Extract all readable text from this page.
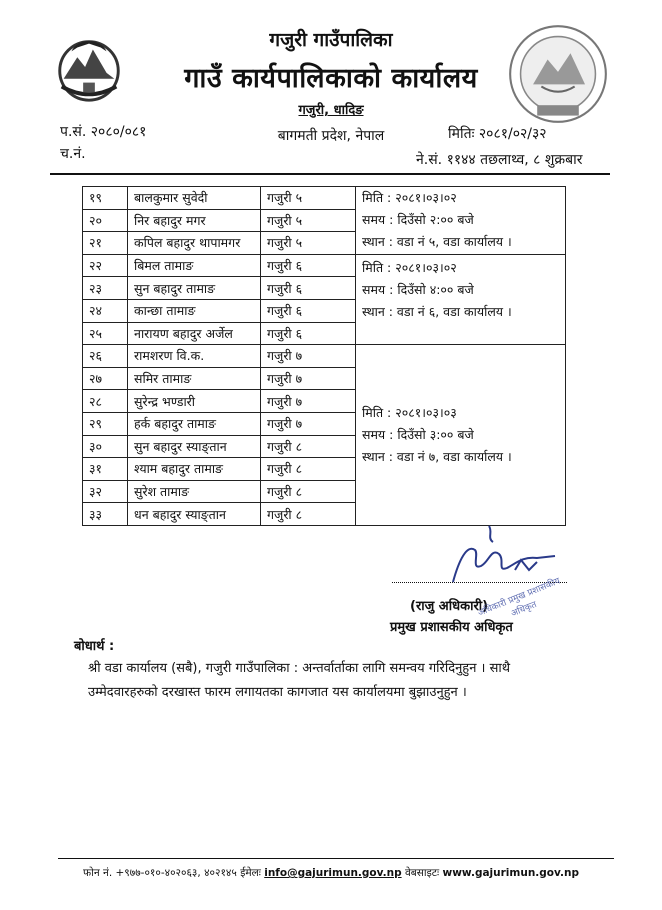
गजुरी गाउँपालिका
गाउँ कार्यपालिकाको कार्यालय
गजुरी, धादिङ
बागमती प्रदेश, नेपाल
प.सं. २०८०/०८१
च.नं.
मितिः २०८१/०२/३२
ने.सं. ११४४ तछलाथ्व, ८ शुक्रबार
१९	बालकुमार सुवेदी	गजुरी ५	मिति : २०८१।०३।०२
समय : दिउँसो २:०० बजे
स्थान : वडा नं ५, वडा कार्यालय ।

२०	निर बहादुर मगर	गजुरी ५	
२१	कपिल बहादुर थापामगर	गजुरी ५	
२२	बिमल तामाङ	गजुरी ६	मिति : २०८१।०३।०२
समय : दिउँसो ४:०० बजे
स्थान : वडा नं ६, वडा कार्यालय ।

२३	सुन बहादुर तामाङ	गजुरी ६	
२४	कान्छा तामाङ	गजुरी ६	
२५	नारायण बहादुर अर्जेल	गजुरी ६	
२६	रामशरण वि.क.	गजुरी ७	मिति : २०८१।०३।०३
समय : दिउँसो ३:०० बजे
स्थान : वडा नं ७, वडा कार्यालय ।

२७	समिर तामाङ	गजुरी ७	
२८	सुरेन्द्र भण्डारी	गजुरी ७	
२९	हर्क बहादुर तामाङ	गजुरी ७	
३०	सुन बहादुर स्याङ्तान	गजुरी ८	
३१	श्याम बहादुर तामाङ	गजुरी ८	
३२	सुरेश तामाङ	गजुरी ८	
३३	धन बहादुर स्याङ्तान	गजुरी ८	
(राजु अधिकारी)
प्रमुख प्रशासकीय अधिकृत
अधिकारी प्रमुख प्रशासकीय अधिकृत
बोधार्थ :
श्री वडा कार्यालय (सबै), गजुरी गाउँपालिका : अन्तर्वार्ताका लागि समन्वय गरिदिनुहुन । साथै
उम्मेदवारहरुको दरखास्त फारम लगायतका कागजात यस कार्यालयमा बुझाउनुहुन ।
फोन नं. +९७७-०१०-४०२०६३, ४०२१४५ ईमेलः info@gajurimun.gov.np वेबसाइटः www.gajurimun.gov.np
